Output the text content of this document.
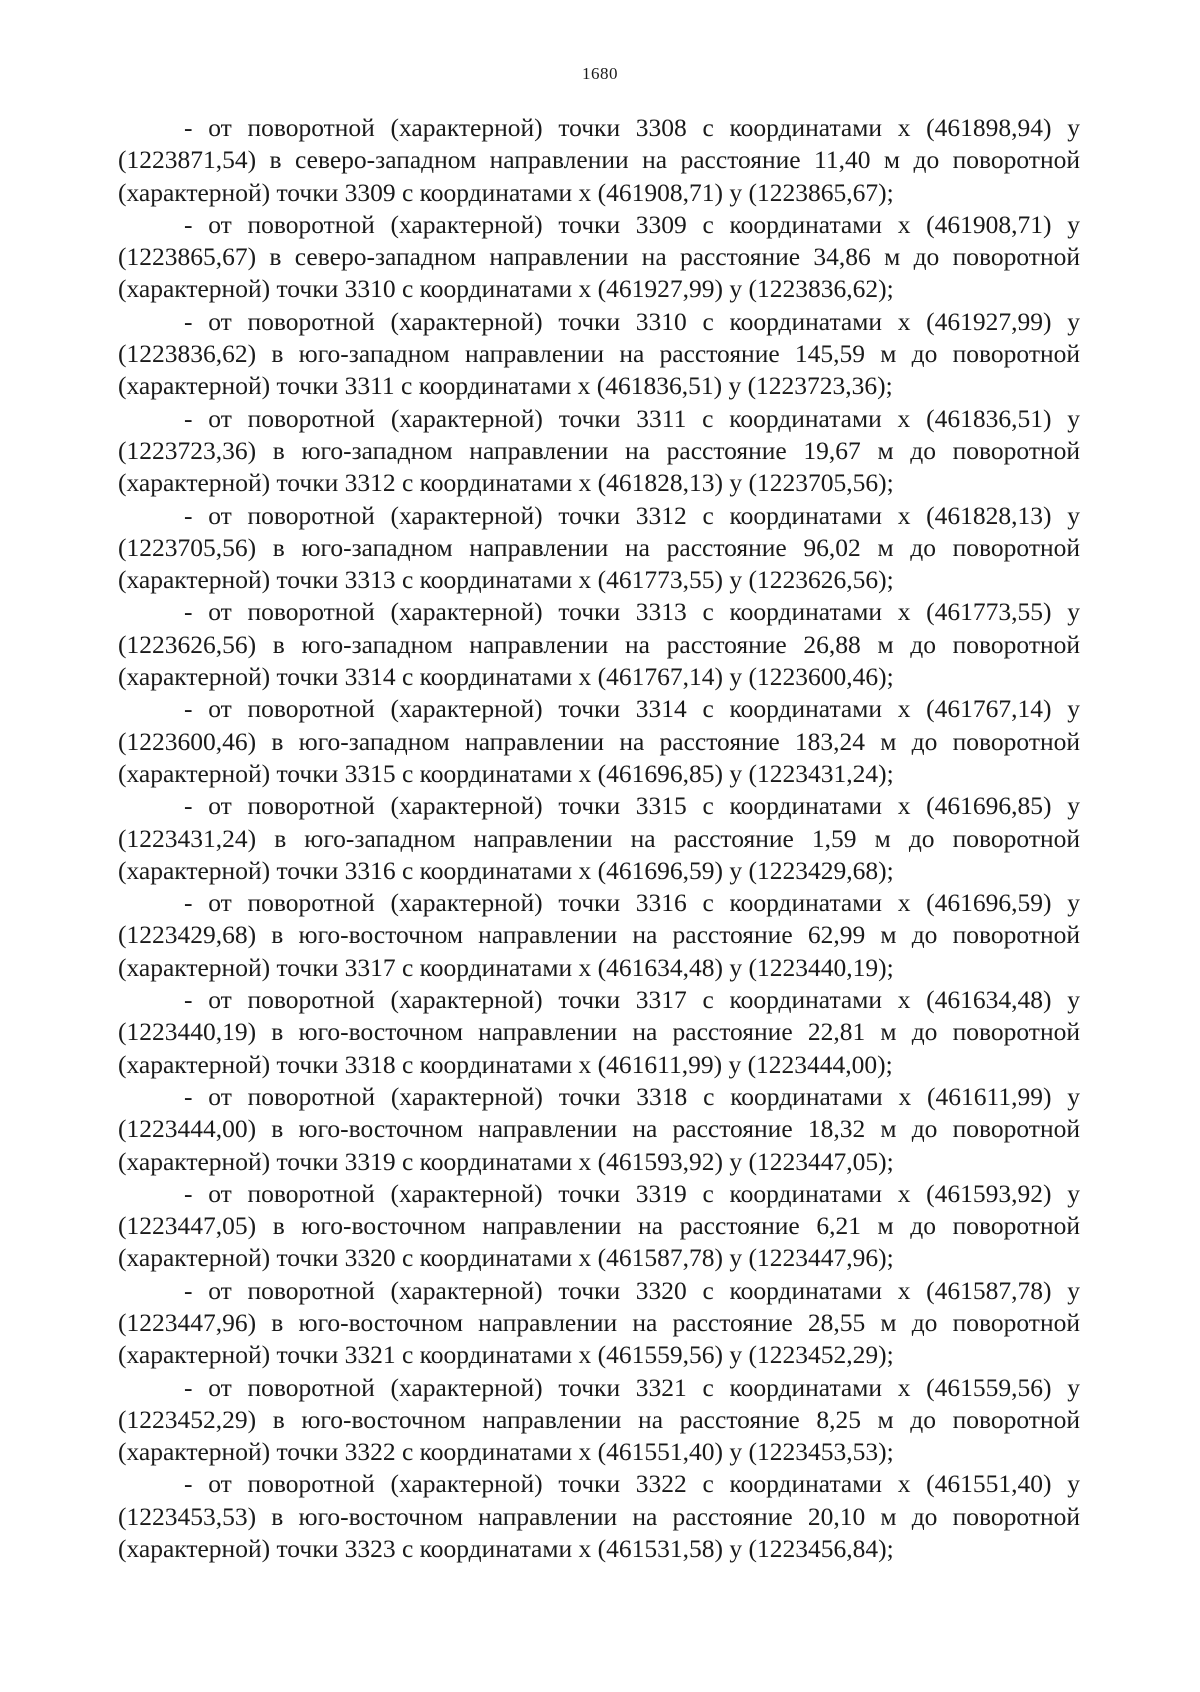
1680

- от поворотной (характерной) точки 3308 с координатами х (461898,94) у (1223871,54) в северо-западном направлении на расстояние 11,40 м до поворотной (характерной) точки 3309 с координатами х (461908,71) у (1223865,67);

- от поворотной (характерной) точки 3309 с координатами х (461908,71) у (1223865,67) в северо-западном направлении на расстояние 34,86 м до поворотной (характерной) точки 3310 с координатами х (461927,99) у (1223836,62);

- от поворотной (характерной) точки 3310 с координатами х (461927,99) у (1223836,62) в юго-западном направлении на расстояние 145,59 м до поворотной (характерной) точки 3311 с координатами х (461836,51) у (1223723,36);

- от поворотной (характерной) точки 3311 с координатами х (461836,51) у (1223723,36) в юго-западном направлении на расстояние 19,67 м до поворотной (характерной) точки 3312 с координатами х (461828,13) у (1223705,56);

- от поворотной (характерной) точки 3312 с координатами х (461828,13) у (1223705,56) в юго-западном направлении на расстояние 96,02 м до поворотной (характерной) точки 3313 с координатами х (461773,55) у (1223626,56);

- от поворотной (характерной) точки 3313 с координатами х (461773,55) у (1223626,56) в юго-западном направлении на расстояние 26,88 м до поворотной (характерной) точки 3314 с координатами х (461767,14) у (1223600,46);

- от поворотной (характерной) точки 3314 с координатами х (461767,14) у (1223600,46) в юго-западном направлении на расстояние 183,24 м до поворотной (характерной) точки 3315 с координатами х (461696,85) у (1223431,24);

- от поворотной (характерной) точки 3315 с координатами х (461696,85) у (1223431,24) в юго-западном направлении на расстояние 1,59 м до поворотной (характерной) точки 3316 с координатами х (461696,59) у (1223429,68);

- от поворотной (характерной) точки 3316 с координатами х (461696,59) у (1223429,68) в юго-восточном направлении на расстояние 62,99 м до поворотной (характерной) точки 3317 с координатами х (461634,48) у (1223440,19);

- от поворотной (характерной) точки 3317 с координатами х (461634,48) у (1223440,19) в юго-восточном направлении на расстояние 22,81 м до поворотной (характерной) точки 3318 с координатами х (461611,99) у (1223444,00);

- от поворотной (характерной) точки 3318 с координатами х (461611,99) у (1223444,00) в юго-восточном направлении на расстояние 18,32 м до поворотной (характерной) точки 3319 с координатами х (461593,92) у (1223447,05);

- от поворотной (характерной) точки 3319 с координатами х (461593,92) у (1223447,05) в юго-восточном направлении на расстояние 6,21 м до поворотной (характерной) точки 3320 с координатами х (461587,78) у (1223447,96);

- от поворотной (характерной) точки 3320 с координатами х (461587,78) у (1223447,96) в юго-восточном направлении на расстояние 28,55 м до поворотной (характерной) точки 3321 с координатами х (461559,56) у (1223452,29);

- от поворотной (характерной) точки 3321 с координатами х (461559,56) у (1223452,29) в юго-восточном направлении на расстояние 8,25 м до поворотной (характерной) точки 3322 с координатами х (461551,40) у (1223453,53);

- от поворотной (характерной) точки 3322 с координатами х (461551,40) у (1223453,53) в юго-восточном направлении на расстояние 20,10 м до поворотной (характерной) точки 3323 с координатами х (461531,58) у (1223456,84);
